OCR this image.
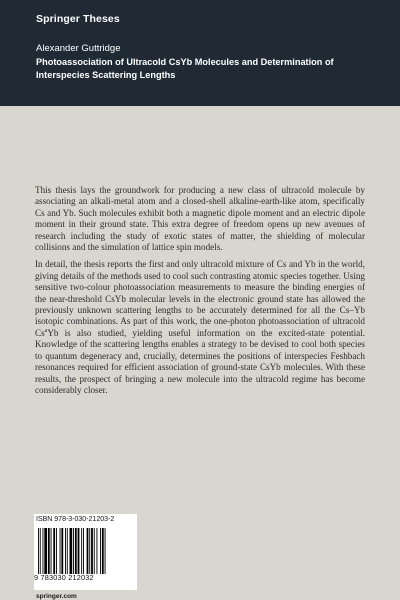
Springer Theses
Alexander Guttridge
Photoassociation of Ultracold CsYb Molecules and Determination of Interspecies Scattering Lengths

This thesis lays the groundwork for producing a new class of ultracold molecule by associating an alkali-metal atom and a closed-shell alkaline-earth-like atom, specifically Cs and Yb. Such molecules exhibit both a magnetic dipole moment and an electric dipole moment in their ground state. This extra degree of freedom opens up new avenues of research including the study of exotic states of matter, the shielding of molecular collisions and the simulation of lattice spin models.

In detail, the thesis reports the first and only ultracold mixture of Cs and Yb in the world, giving details of the methods used to cool such contrasting atomic species together. Using sensitive two-colour photoassociation measurements to measure the binding energies of the near-threshold CsYb molecular levels in the electronic ground state has allowed the previously unknown scattering lengths to be accurately determined for all the Cs–Yb isotopic combinations. As part of this work, the one-photon photoassociation of ultracold Cs$^a$Yb is also studied, yielding useful information on the excited-state potential. Knowledge of the scattering lengths enables a strategy to be devised to cool both species to quantum degeneracy and, crucially, determines the positions of interspecies Feshbach resonances required for efficient association of ground-state CsYb molecules. With these results, the prospect of bringing a new molecule into the ultracold regime has become considerably closer.

ISBN 978-3-030-21203-2
9 783030 212032
springer.com
